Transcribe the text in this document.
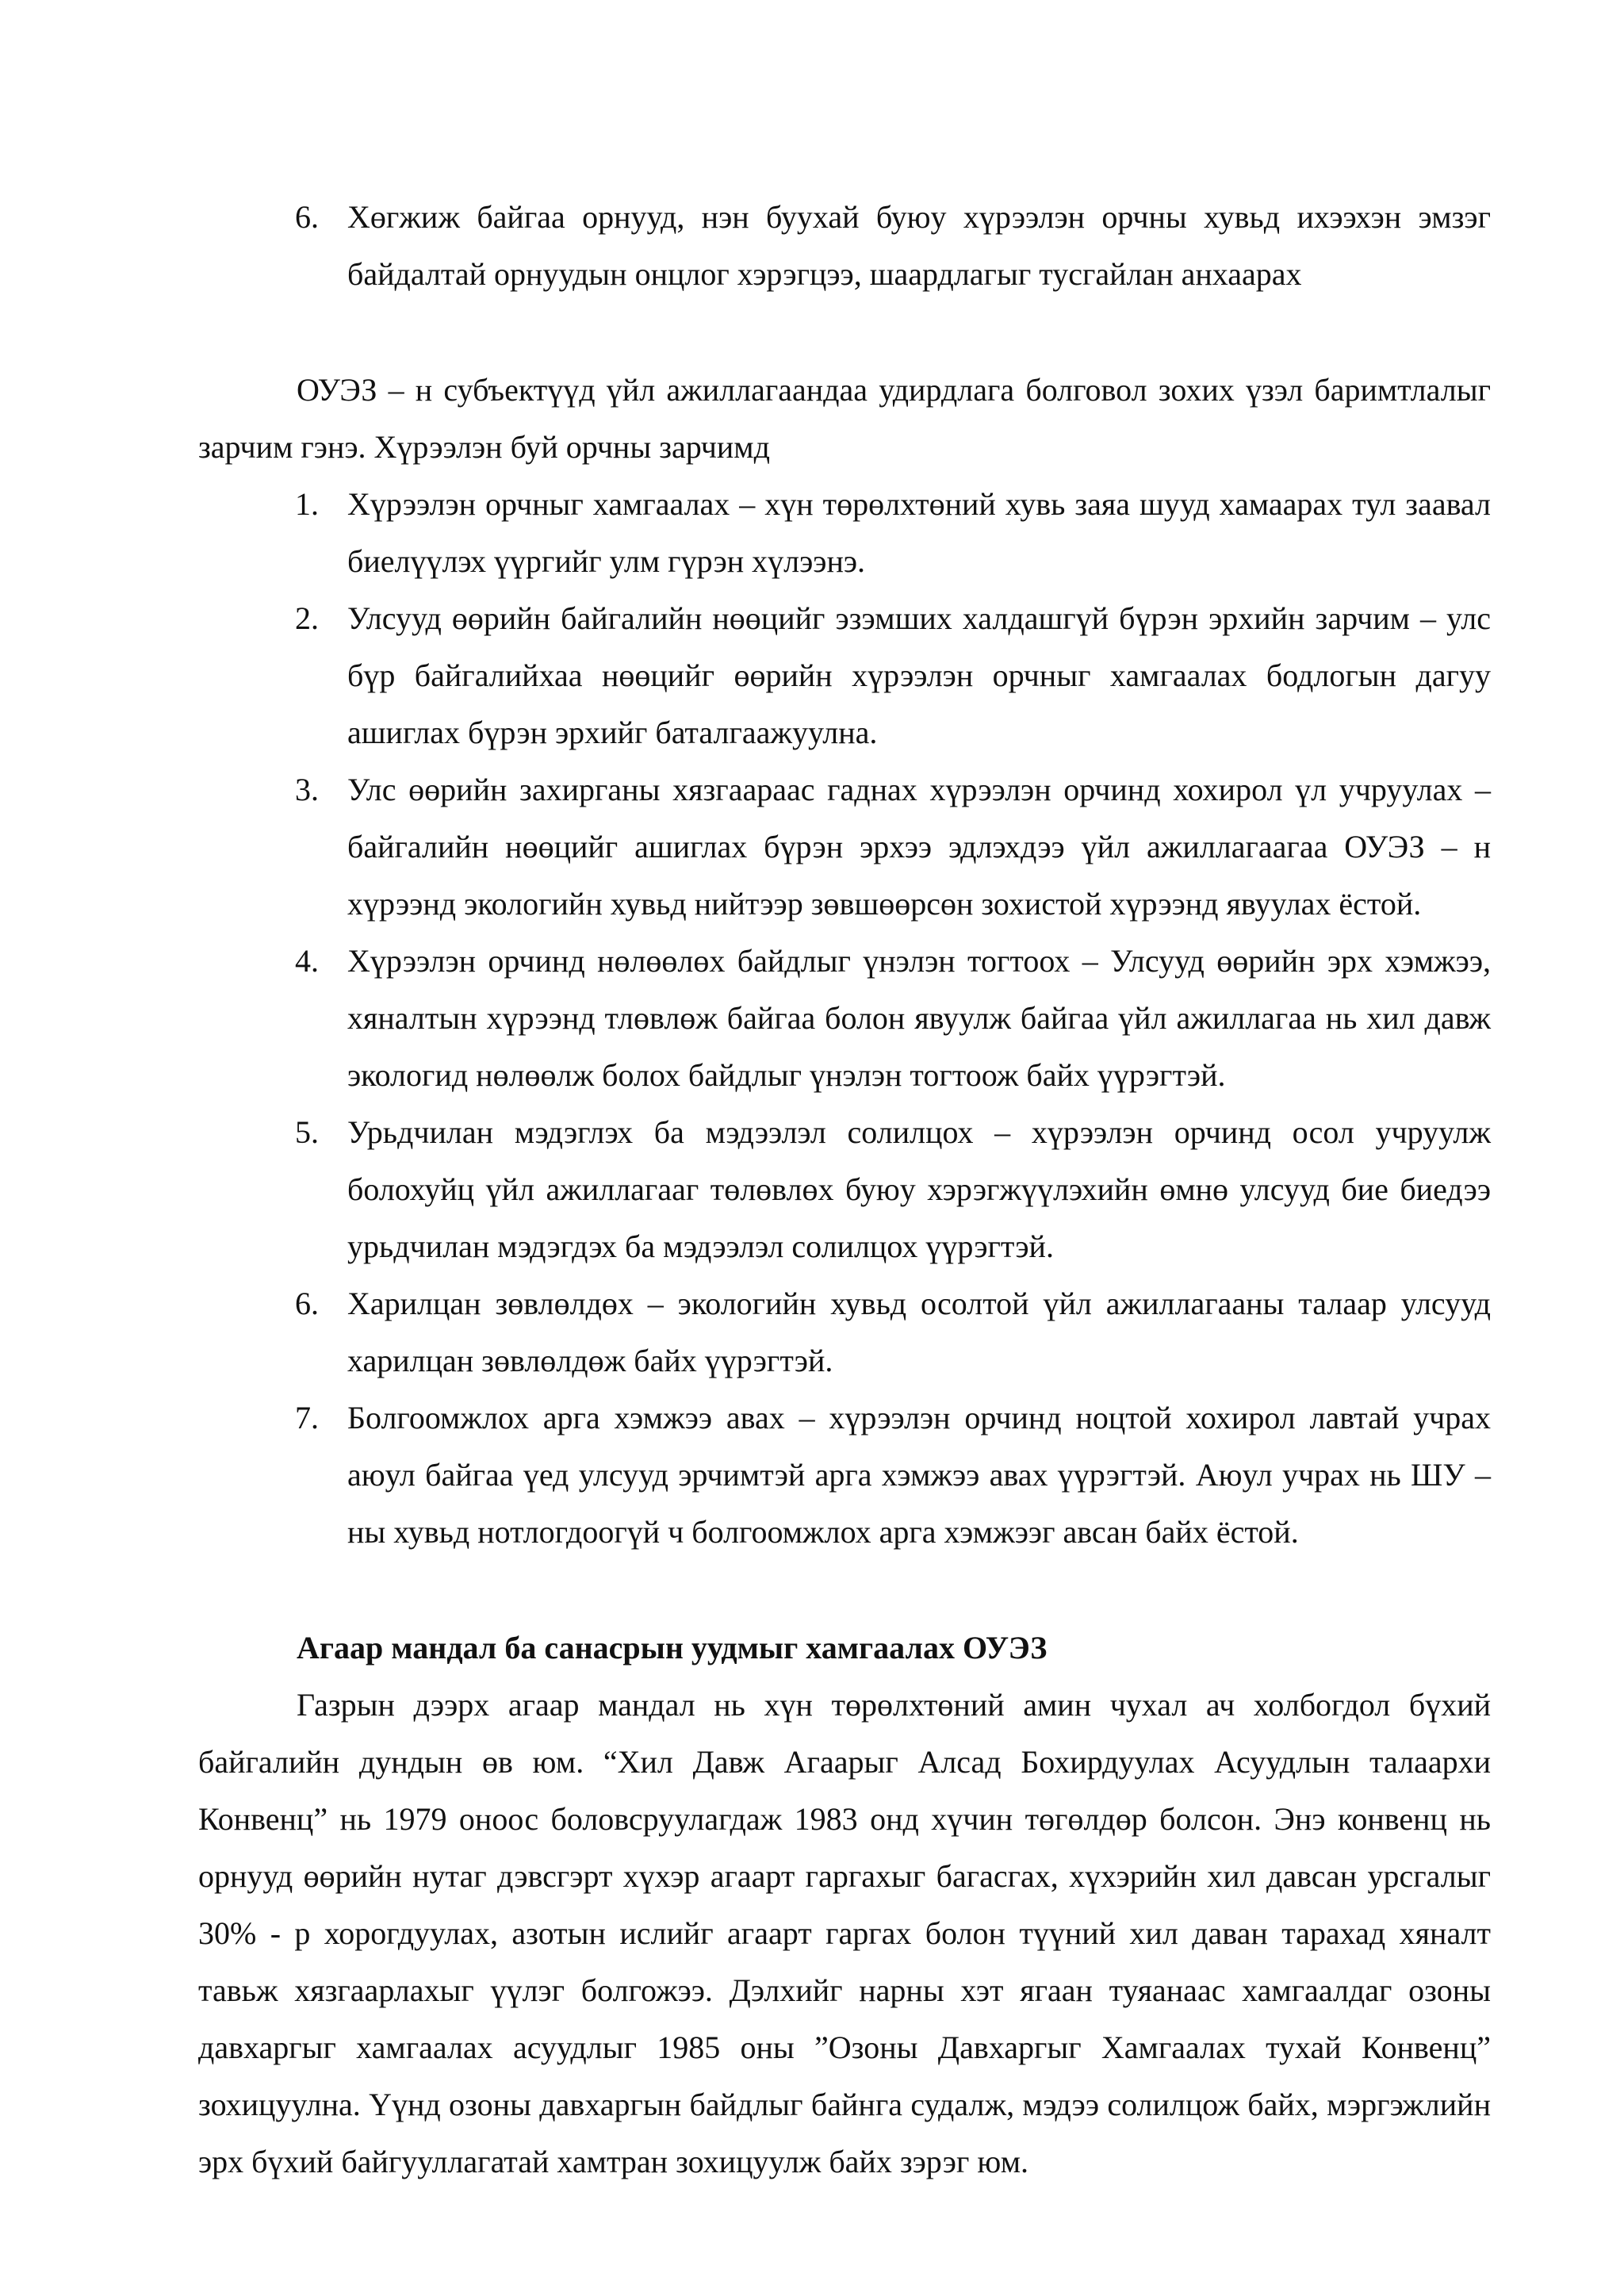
6. Хөгжиж байгаа орнууд, нэн буухай буюу хүрээлэн орчны хувьд ихээхэн эмзэг байдалтай орнуудын онцлог хэрэгцээ, шаардлагыг тусгайлан анхаарах

ОУЭЗ – н субъектүүд үйл ажиллагаандаа удирдлага болговол зохих үзэл баримтлалыг зарчим гэнэ. Хүрээлэн буй орчны зарчимд

1. Хүрээлэн орчныг хамгаалах – хүн төрөлхтөний хувь заяа шууд хамаарах тул заавал биелүүлэх үүргийг улм гүрэн хүлээнэ.
2. Улсууд өөрийн байгалийн нөөцийг эзэмших халдашгүй бүрэн эрхийн зарчим – улс бүр байгалийхаа нөөцийг өөрийн хүрээлэн орчныг хамгаалах бодлогын дагуу ашиглах бүрэн эрхийг баталгаажуулна.
3. Улс өөрийн захирганы хязгаараас гаднах хүрээлэн орчинд хохирол үл учруулах – байгалийн нөөцийг ашиглах бүрэн эрхээ эдлэхдээ үйл ажиллагаагаа ОУЭЗ – н хүрээнд экологийн хувьд нийтээр зөвшөөрсөн зохистой хүрээнд явуулах ёстой.
4. Хүрээлэн орчинд нөлөөлөх байдлыг үнэлэн тогтоох – Улсууд өөрийн эрх хэмжээ, хяналтын хүрээнд тлөвлөж байгаа болон явуулж байгаа үйл ажиллагаа нь хил давж экологид нөлөөлж болох байдлыг үнэлэн тогтоож байх үүрэгтэй.
5. Урьдчилан мэдэглэх ба мэдээлэл солилцох – хүрээлэн орчинд осол учруулж болохуйц үйл ажиллагааг төлөвлөх буюу хэрэгжүүлэхийн өмнө улсууд бие биедээ урьдчилан мэдэгдэх ба мэдээлэл солилцох үүрэгтэй.
6. Харилцан зөвлөлдөх – экологийн хувьд осолтой үйл ажиллагааны талаар улсууд харилцан зөвлөлдөж байх үүрэгтэй.
7. Болгоомжлох арга хэмжээ авах – хүрээлэн орчинд ноцтой хохирол лавтай учрах аюул байгаа үед улсууд эрчимтэй арга хэмжээ авах үүрэгтэй. Аюул учрах нь ШУ – ны хувьд нотлогдоогүй ч болгоомжлох арга хэмжээг авсан байх ёстой.
Агаар мандал ба санасрын уудмыг хамгаалах ОУЭЗ

Газрын дээрх агаар мандал нь хүн төрөлхтөний амин чухал ач холбогдол бүхий байгалийн дундын өв юм. “Хил Давж Агаарыг Алсад Бохирдуулах Асуудлын талаархи Конвенц” нь 1979 оноос боловсруулагдаж 1983 онд хүчин төгөлдөр болсон. Энэ конвенц нь орнууд өөрийн нутаг дэвсгэрт хүхэр агаарт гаргахыг багасгах, хүхэрийн хил давсан урсгалыг 30% - р хорогдуулах, азотын ислийг агаарт гаргах болон түүний хил даван тарахад хяналт тавьж хязгаарлахыг үүлэг болгожээ. Дэлхийг нарны хэт ягаан туяанаас хамгаалдаг озоны давхаргыг хамгаалах асуудлыг 1985 оны ”Озоны Давхаргыг Хамгаалах тухай Конвенц” зохицуулна. Үүнд озоны давхаргын байдлыг байнга судалж, мэдээ солилцож байх, мэргэжлийн эрх бүхий байгууллагатай хамтран зохицуулж байх зэрэг юм.
